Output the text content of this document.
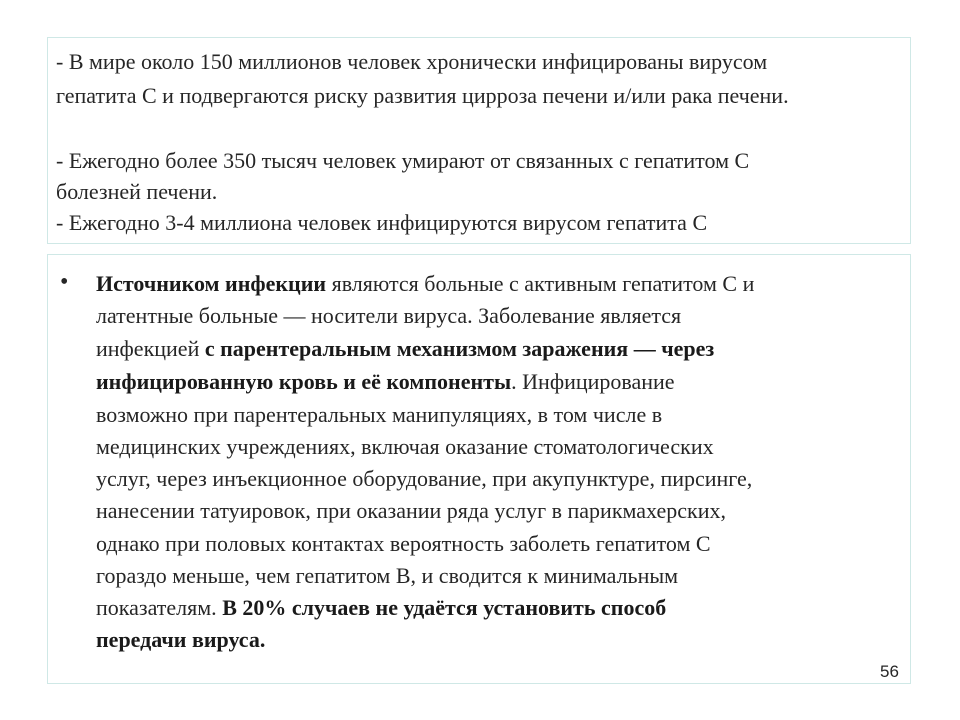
- В мире около 150 миллионов человек хронически инфицированы вирусом

гепатита С и подвергаются риску развития цирроза печени и/или рака печени.

- Ежегодно более 350 тысяч человек умирают от связанных с гепатитом С

болезней печени.

- Ежегодно 3-4 миллиона человек инфицируются вирусом гепатита С

• Источником инфекции являются больные с активным гепатитом С и

латентные больные — носители вируса. Заболевание является

инфекцией с парентеральным механизмом заражения — через

инфицированную кровь и её компоненты. Инфицирование

возможно при парентеральных манипуляциях, в том числе в

медицинских учреждениях, включая оказание стоматологических

услуг, через инъекционное оборудование, при акупунктуре, пирсинге,

нанесении татуировок, при оказании ряда услуг в парикмахерских,

однако при половых контактах вероятность заболеть гепатитом С

гораздо меньше, чем гепатитом В, и сводится к минимальным

показателям. В 20% случаев не удаётся установить способ

передачи вируса.

56
